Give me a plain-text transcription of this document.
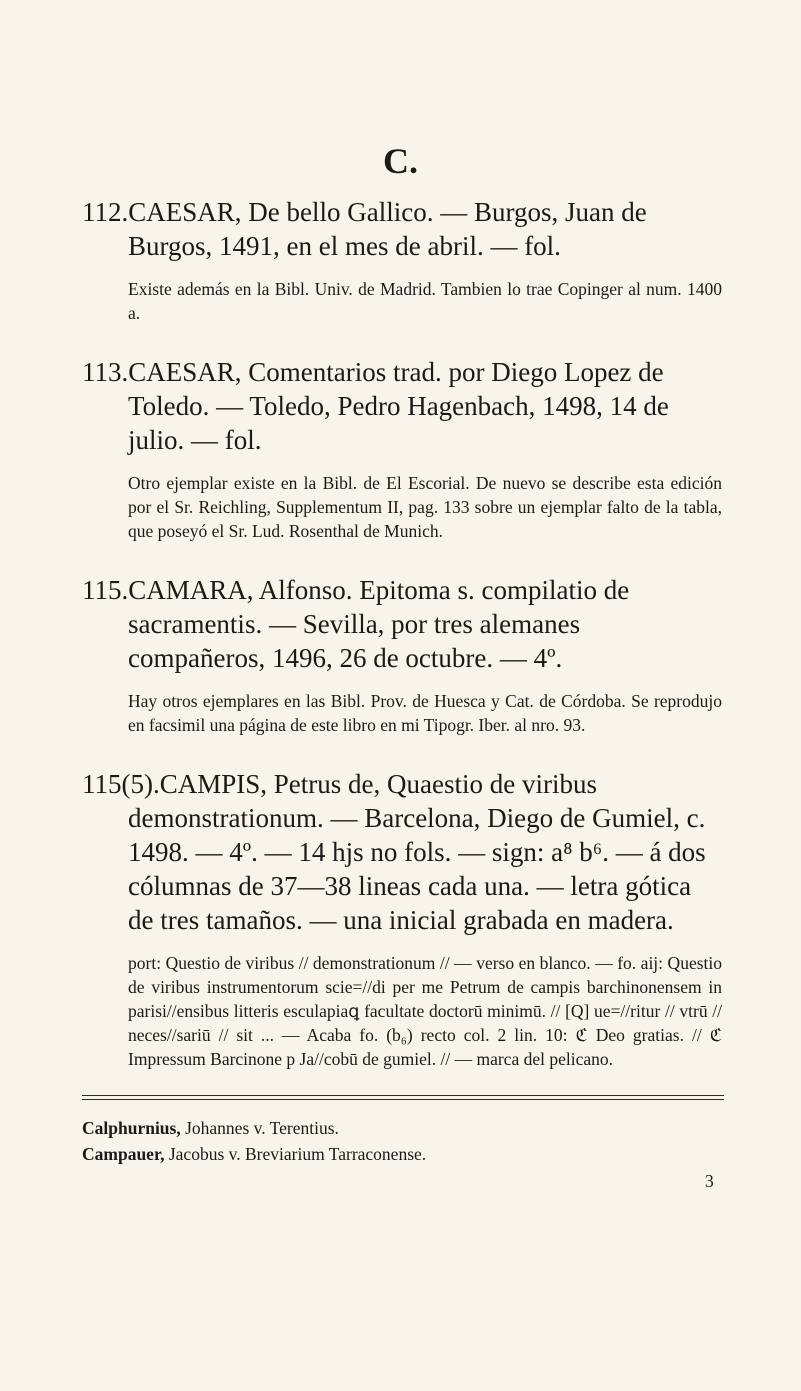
C.

112.CAESAR, De bello Gallico. — Burgos, Juan de Burgos, 1491, en el mes de abril. — fol.

Existe además en la Bibl. Univ. de Madrid. Tambien lo trae Copinger al num. 1400 a.

113.CAESAR, Comentarios trad. por Diego Lopez de Toledo. — Toledo, Pedro Hagenbach, 1498, 14 de julio. — fol.

Otro ejemplar existe en la Bibl. de El Escorial. De nuevo se describe esta edición por el Sr. Reichling, Supplementum II, pag. 133 sobre un ejemplar falto de la tabla, que poseyó el Sr. Lud. Rosenthal de Munich.

115.CAMARA, Alfonso. Epitoma s. compilatio de sacramentis. — Sevilla, por tres alemanes compañeros, 1496, 26 de octubre. — 4º.

Hay otros ejemplares en las Bibl. Prov. de Huesca y Cat. de Córdoba. Se reprodujo en facsimil una página de este libro en mi Tipogr. Iber. al nro. 93.

115(5).CAMPIS, Petrus de, Quaestio de viribus demonstrationum. — Barcelona, Diego de Gumiel, c. 1498. — 4º. — 14 hjs no fols. — sign: a⁸ b⁶. — á dos cólumnas de 37—38 lineas cada una. — letra gótica de tres tamaños. — una inicial grabada en madera.

port: Questio de viribus // demonstrationum // — verso en blanco. — fo. aij: Questio de viribus instrumentorum scie=//di per me Petrum de campis barchinonensem in parisi//ensibus litteris esculapiaꝗ facultate doctorū minimū. // [Q] ue=//ritur // vtrū // neces//sariū // sit ... — Acaba fo. (b₆) recto col. 2 lin. 10: ℭ Deo gratias. // ℭ Impressum Barcinone p Ja//cobū de gumiel. // — marca del pelicano.
Calphurnius, Johannes v. Terentius.
Campauer, Jacobus v. Breviarium Tarraconense.
3
